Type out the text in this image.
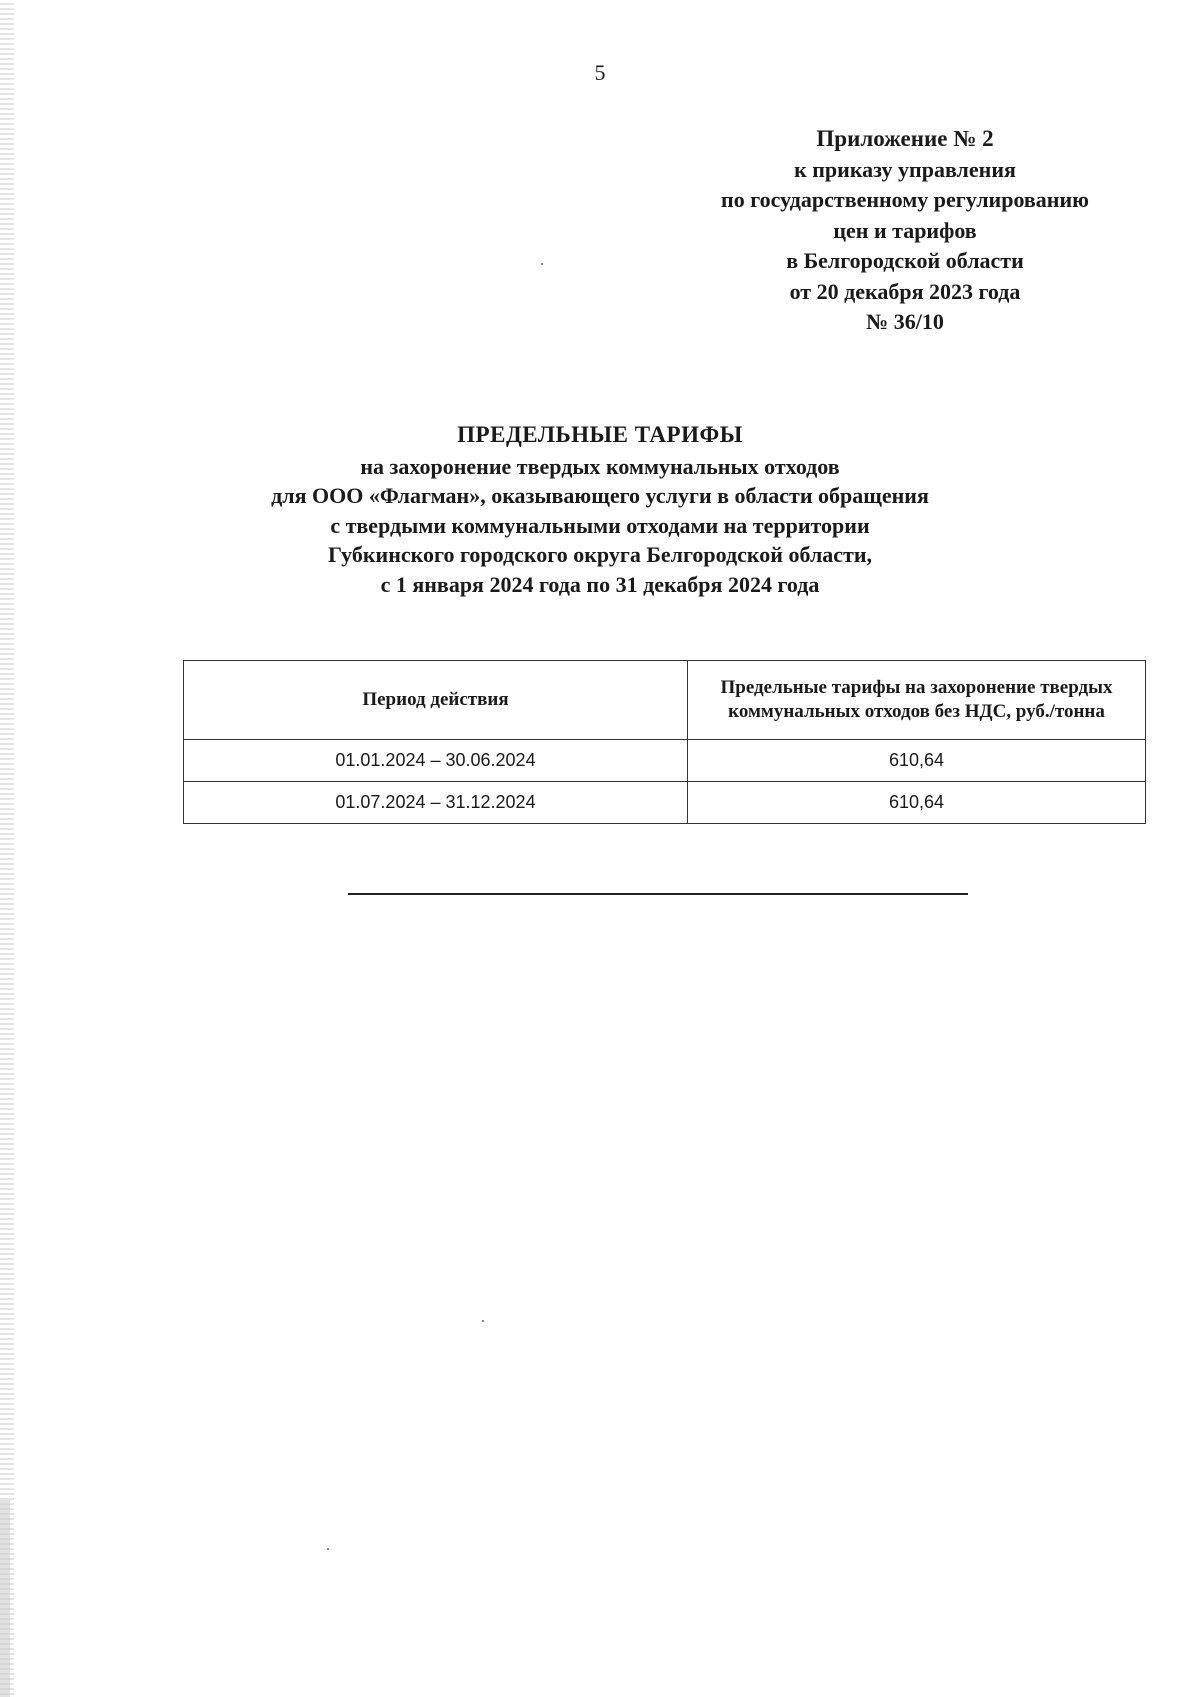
5
Приложение № 2
к приказу управления
по государственному регулированию
цен и тарифов
в Белгородской области
от 20 декабря 2023 года
№ 36/10
ПРЕДЕЛЬНЫЕ ТАРИФЫ
на захоронение твердых коммунальных отходов
для ООО «Флагман», оказывающего услуги в области обращения
с твердыми коммунальными отходами на территории
Губкинского городского округа Белгородской области,
с 1 января 2024 года по 31 декабря 2024 года
Период действия	Предельные тарифы на захоронение твердых коммунальных отходов без НДС, руб./тонна
01.01.2024 – 30.06.2024	610,64
01.07.2024 – 31.12.2024	610,64
